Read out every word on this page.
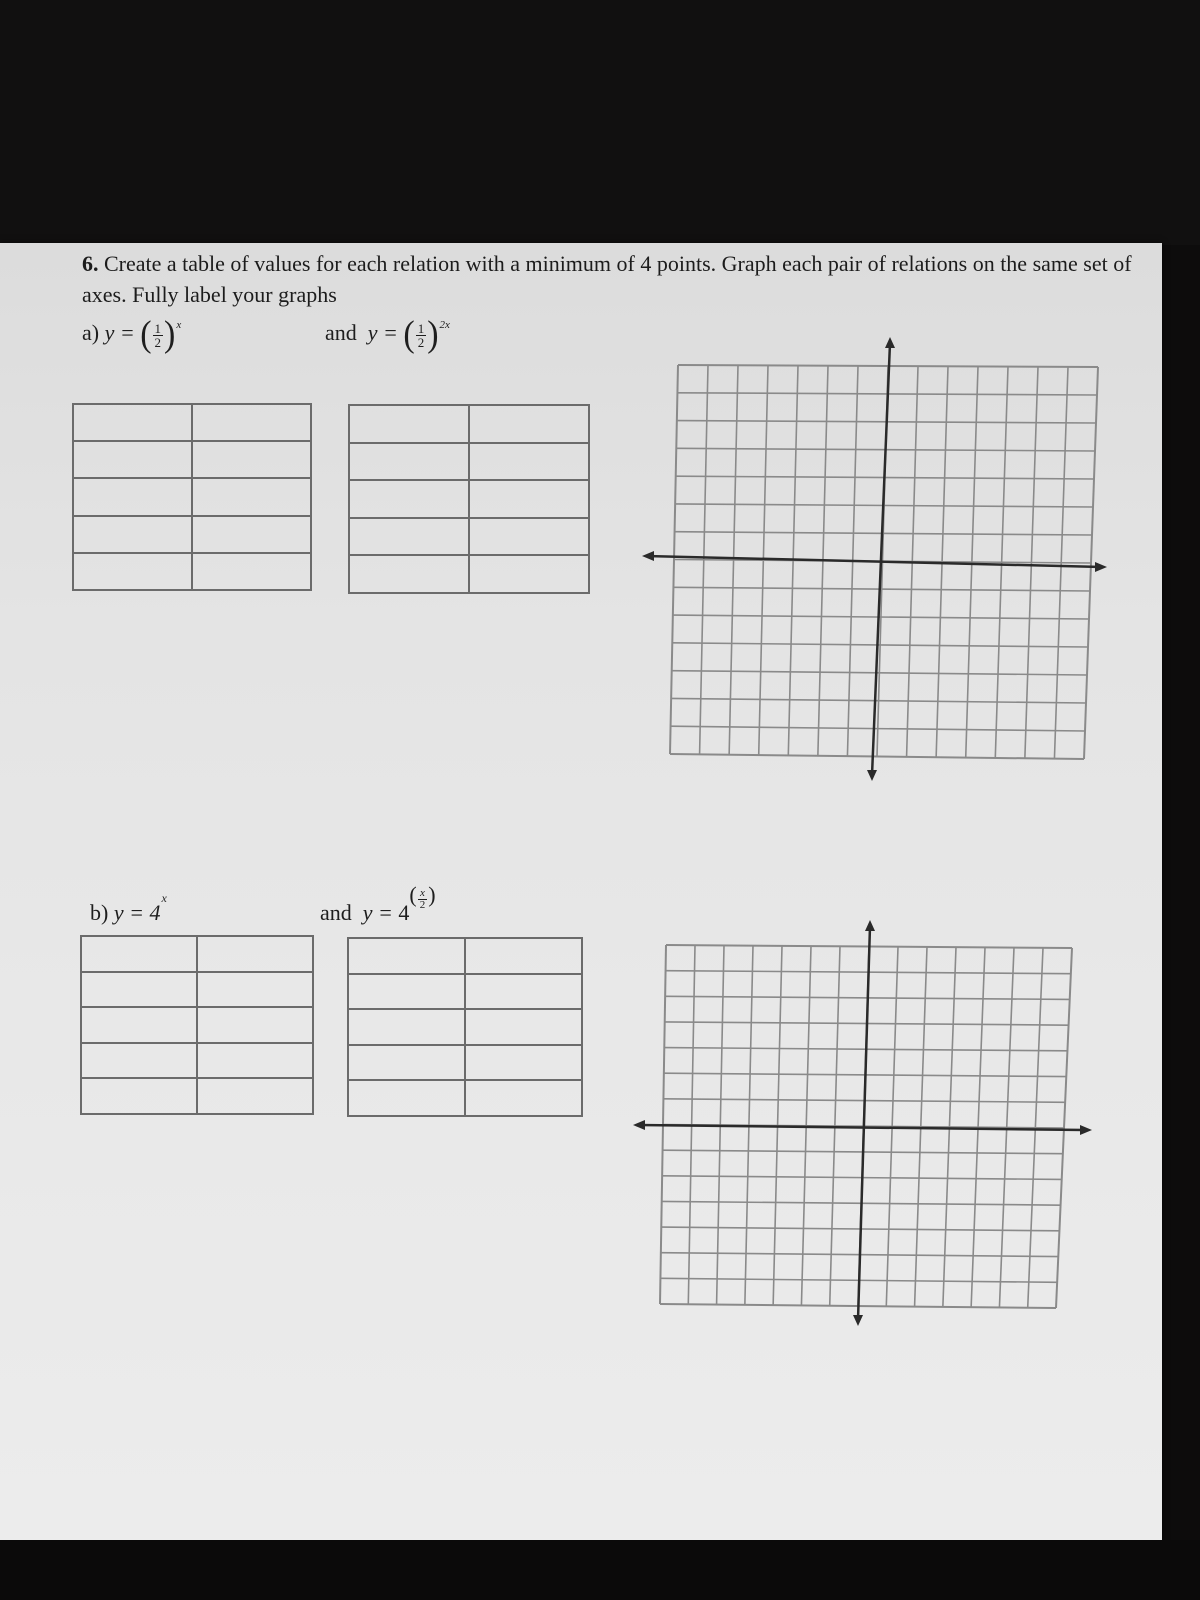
6. Create a table of values for each relation with a minimum of 4 points. Graph each pair of relations on the same set of axes. Fully label your graphs
a) y = ( $\frac{1}{2} )^x$	and y = ( $\frac{1}{2} )^{2x}$

b) $y = 4^x$
and $y = 4( \frac{x}{2}$ )
